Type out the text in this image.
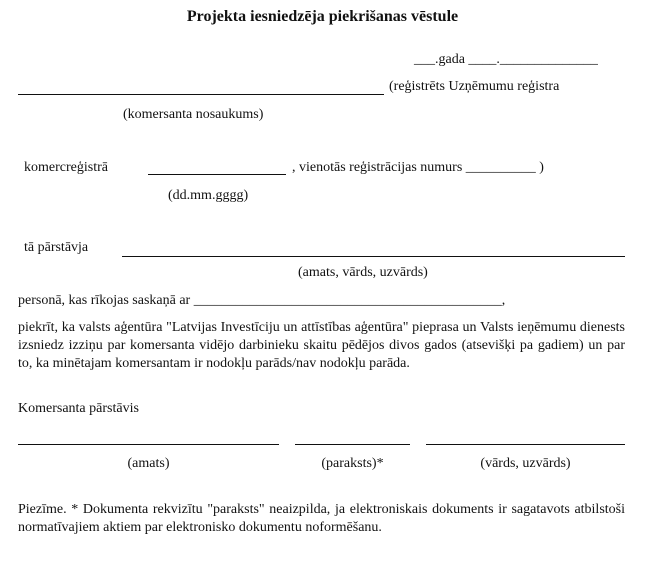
Projekta iesniedzēja piekrišanas vēstule
___.gada ____.______________
(reģistrēts Uzņēmumu reģistra
(komersanta nosaukums)
komercreģistrā	, vienotās reģistrācijas numurs __________ )
(dd.mm.gggg)
tā pārstāvja
(amats, vārds, uzvārds)
personā, kas rīkojas saskaņā ar ____________________________________________,
piekrīt, ka valsts aģentūra "Latvijas Investīciju un attīstības aģentūra" pieprasa un Valsts ieņēmumu dienests izsniedz izziņu par komersanta vidējo darbinieku skaitu pēdējos divos gados (atsevišķi pa gadiem) un par to, ka minētajam komersantam ir nodokļu parāds/nav nodokļu parāda.
Komersanta pārstāvis
(amats)	(paraksts)*	(vārds, uzvārds)
Piezīme. * Dokumenta rekvizītu "paraksts" neaizpilda, ja elektroniskais dokuments ir sagatavots atbilstoši normatīvajiem aktiem par elektronisko dokumentu noformēšanu.
